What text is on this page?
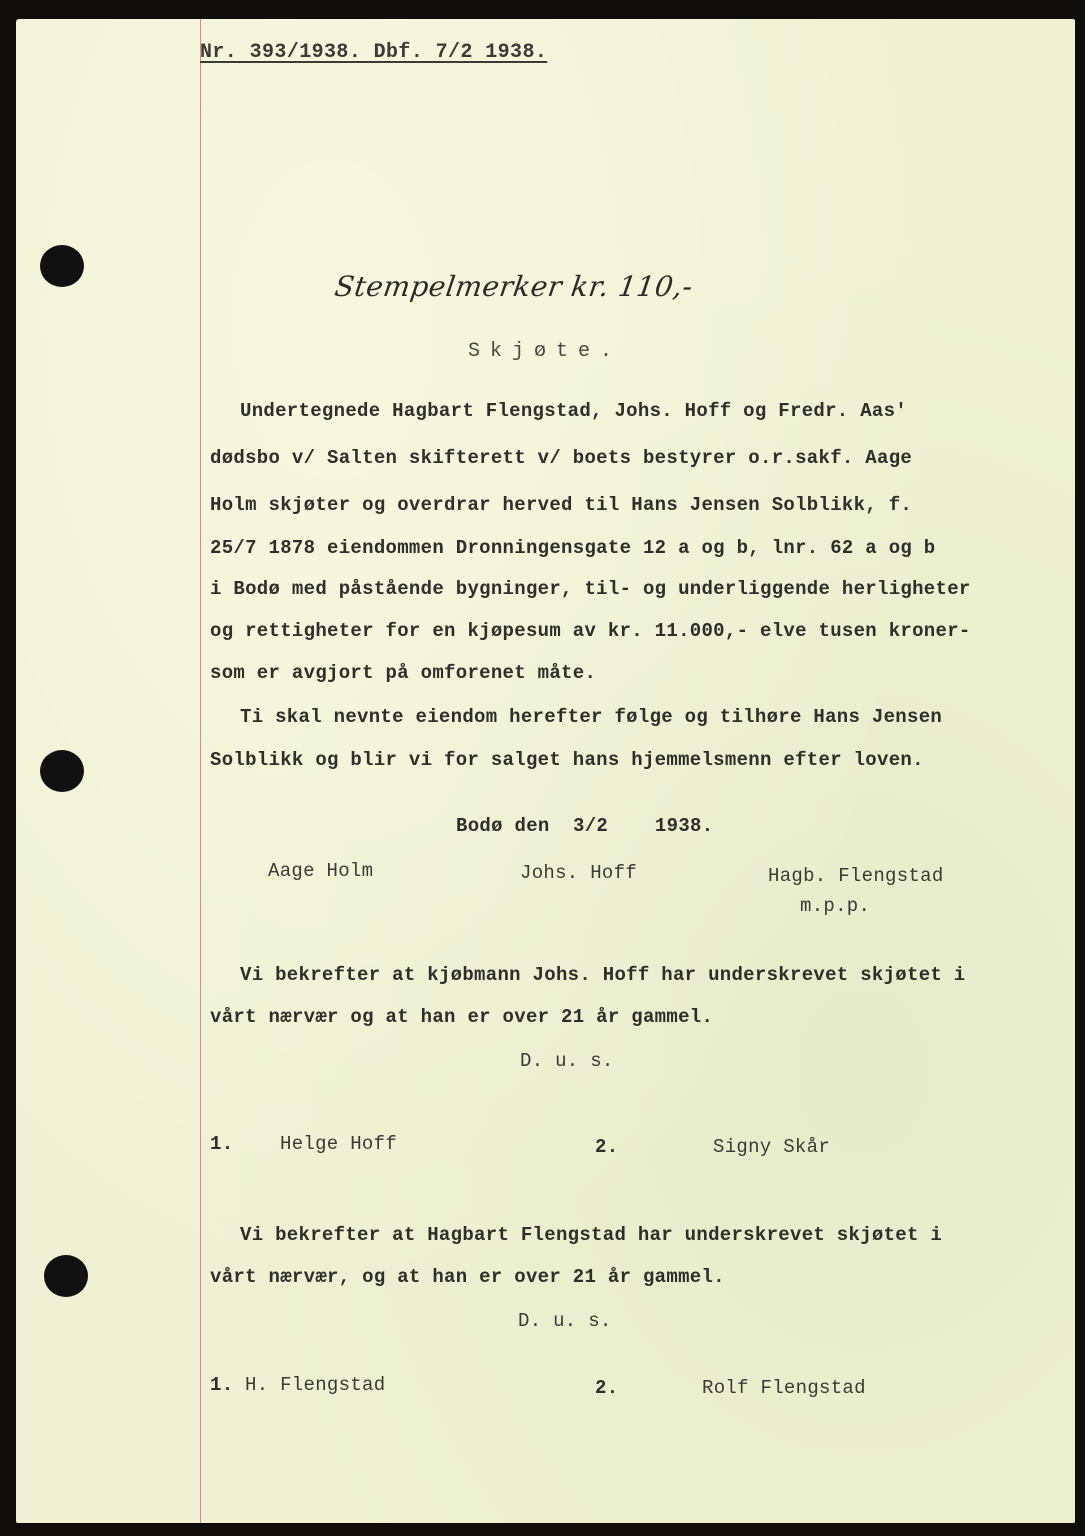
Nr. 393/1938. Dbf. 7/2 1938.
Stempelmerker kr. 110,-
Skjøte.
Undertegnede Hagbart Flengstad, Johs. Hoff og Fredr. Aas'
dødsbo v/ Salten skifterett v/ boets bestyrer o.r.sakf. Aage
Holm skjøter og overdrar herved til Hans Jensen Solblikk, f.
25/7 1878 eiendommen Dronningensgate 12 a og b, lnr. 62 a og b
i Bodø med påstående bygninger, til- og underliggende herligheter
og rettigheter for en kjøpesum av kr. 11.000,- elve tusen kroner-
som er avgjort på omforenet måte.
Ti skal nevnte eiendom herefter følge og tilhøre Hans Jensen
Solblikk og blir vi for salget hans hjemmelsmenn efter loven.
Bodø den  3/2    1938.
Aage Holm	Johs. Hoff	Hagb. Flengstad
m.p.p.
Vi bekrefter at kjøbmann Johs. Hoff har underskrevet skjøtet i
vårt nærvær og at han er over 21 år gammel.
D. u. s.
1. Helge Hoff	2.	Signy Skår
Vi bekrefter at Hagbart Flengstad har underskrevet skjøtet i
vårt nærvær, og at han er over 21 år gammel.
D. u. s.
1. H. Flengstad	2.	Rolf Flengstad
